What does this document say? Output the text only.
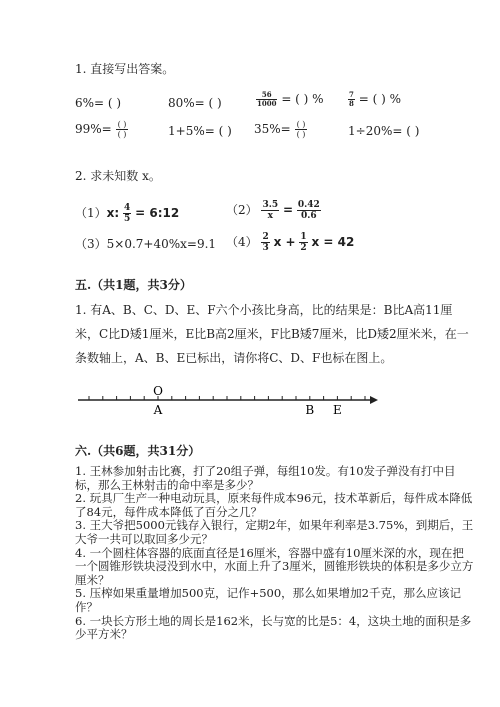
1. 直接写出答案。
6%= ( )	80%= ( )	$\frac{56}{1000}$ = ( ) %	$\frac{7}{8}$ = ( ) %
$99\%= \frac{( )}{( )}$	1+5%= ( ) $35\%= \frac{( )}{( )}$	1÷20%= ( )
2. 求未知数 x。
（1）x: $\frac{4}{5}$ = 6:12	$(2) \frac{3.5}{x} = \frac{0.42}{0.6}$
（3）5×0.7+40%x=9.1 $(4) \frac{2}{3}$ $x + \frac{1}{2}$ x = 42
五.（共1题，共3分）
1. 有A、B、C、D、E、F六个小孩比身高，比的结果是：B比A高11厘米，C比D矮1厘米，E比B高2厘米，F比B矮7厘米，比D矮2厘米米，在一条数轴上，A、B、E已标出，请你将C、D、F也标在图上。
O
A	B E
六.（共6题，共31分）
1. 王林参加射击比赛，打了20组子弹，每组10发。有10发子弹没有打中目标，那么王林射击的命中率是多少？
2. 玩具厂生产一种电动玩具，原来每件成本96元，技术革新后，每件成本降低了84元，每件成本降低了百分之几？
3. 王大爷把5000元钱存入银行，定期2年，如果年利率是3.75%，到期后，王大爷一共可以取回多少元？
4. 一个圆柱体容器的底面直径是16厘米，容器中盛有10厘米深的水，现在把一个圆锥形铁块浸没到水中，水面上升了3厘米，圆锥形铁块的体积是多少立方厘米？
5. 压榨如果重量增加500克，记作+500，那么如果增加2千克，那么应该记作？
6. 一块长方形土地的周长是162米，长与宽的比是5：4，这块土地的面积是多少平方米？
